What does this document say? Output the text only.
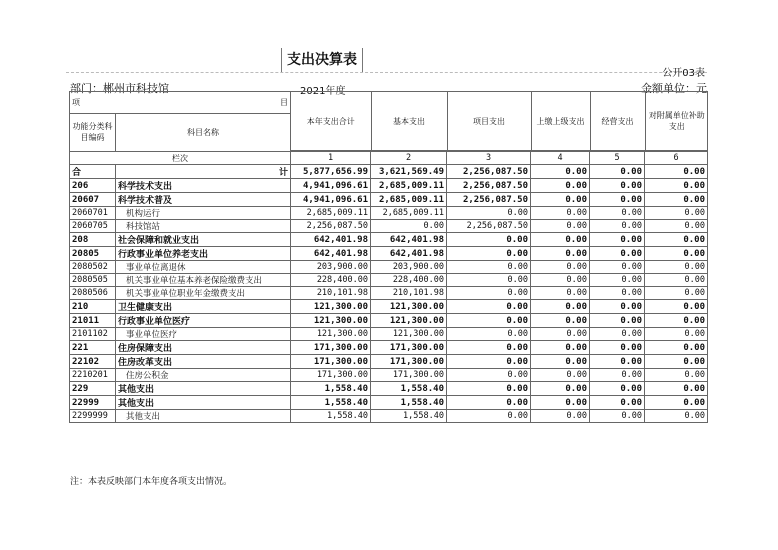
支出决算表
公开03表
部门：郴州市科技馆	2021年度	金额单位：元
项	目

本年支出合计	基本支出	项目支出	上缴上级支出	经营支出	对附属单位补助支出

功能分类科目编码	科目名称
栏次	1	2	3	4	5	6
合	计	5,877,656.99	3,621,569.49	2,256,087.50	0.00	0.00	0.00
206	科学技术支出	4,941,096.61	2,685,009.11	2,256,087.50	0.00	0.00	0.00
20607	科学技术普及	4,941,096.61	2,685,009.11	2,256,087.50	0.00	0.00	0.00
2060701	机构运行	2,685,009.11	2,685,009.11	0.00	0.00	0.00	0.00
2060705	科技馆站	2,256,087.50	0.00	2,256,087.50	0.00	0.00	0.00
208	社会保障和就业支出	642,401.98	642,401.98	0.00	0.00	0.00	0.00
20805	行政事业单位养老支出	642,401.98	642,401.98	0.00	0.00	0.00	0.00
2080502	事业单位离退休	203,900.00	203,900.00	0.00	0.00	0.00	0.00
2080505	机关事业单位基本养老保险缴费支出	228,400.00	228,400.00	0.00	0.00	0.00	0.00
2080506	机关事业单位职业年金缴费支出	210,101.98	210,101.98	0.00	0.00	0.00	0.00
210	卫生健康支出	121,300.00	121,300.00	0.00	0.00	0.00	0.00
21011	行政事业单位医疗	121,300.00	121,300.00	0.00	0.00	0.00	0.00
2101102	事业单位医疗	121,300.00	121,300.00	0.00	0.00	0.00	0.00
221	住房保障支出	171,300.00	171,300.00	0.00	0.00	0.00	0.00
22102	住房改革支出	171,300.00	171,300.00	0.00	0.00	0.00	0.00
2210201	住房公积金	171,300.00	171,300.00	0.00	0.00	0.00	0.00
229	其他支出	1,558.40	1,558.40	0.00	0.00	0.00	0.00
22999	其他支出	1,558.40	1,558.40	0.00	0.00	0.00	0.00
2299999	其他支出	1,558.40	1,558.40	0.00	0.00	0.00	0.00
注：本表反映部门本年度各项支出情况。
